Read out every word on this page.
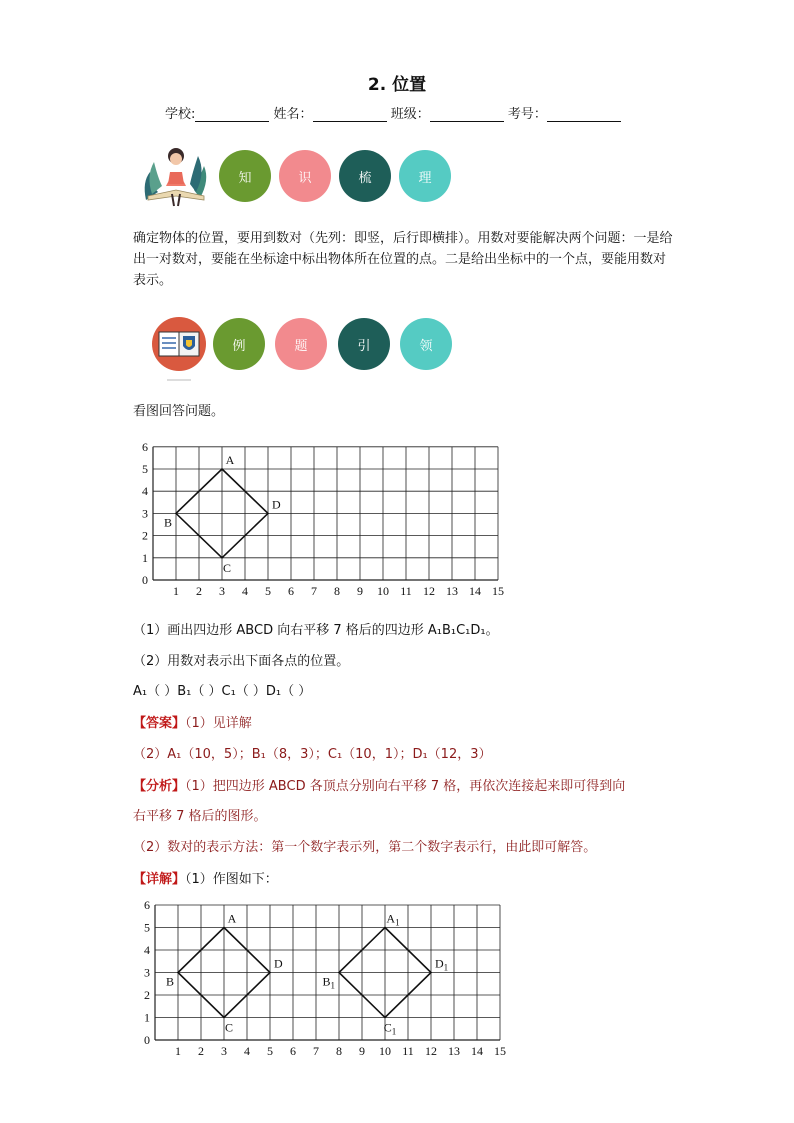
2. 位置
学校:	姓名：	班级：	考号：
知	识	梳	理
确定物体的位置，要用到数对（先列：即竖，后行即横排）。用数对要能解决两个问题：一是给出一对数对，要能在坐标途中标出物体所在位置的点。二是给出坐标中的一个点，要能用数对表示。
例	题	引	领
看图回答问题。
1 2 3 4 5 6 7 8 9 10 11 12 13 14 15
0
1
2
3
4
5
6
A
D
C
B
（1）画出四边形 ABCD 向右平移 7 格后的四边形 A₁B₁C₁D₁。
（2）用数对表示出下面各点的位置。
A₁（ ）B₁（ ）C₁（ ）D₁（ ）
【答案】（1）见详解
（2）A₁（10，5）；B₁（8，3）；C₁（10，1）；D₁（12，3）
【分析】（1）把四边形 ABCD 各顶点分别向右平移 7 格，再依次连接起来即可得到向
右平移 7 格后的图形。
（2）数对的表示方法：第一个数字表示列，第二个数字表示行，由此即可解答。
【详解】（1）作图如下：
1 2 3 4 5 6 7 8 9 10 11 12 13 14 15
0
1
2
3
4
5
6
A
D
C
B
$A_1$
$D_1$
$C_1$
$B_1$
